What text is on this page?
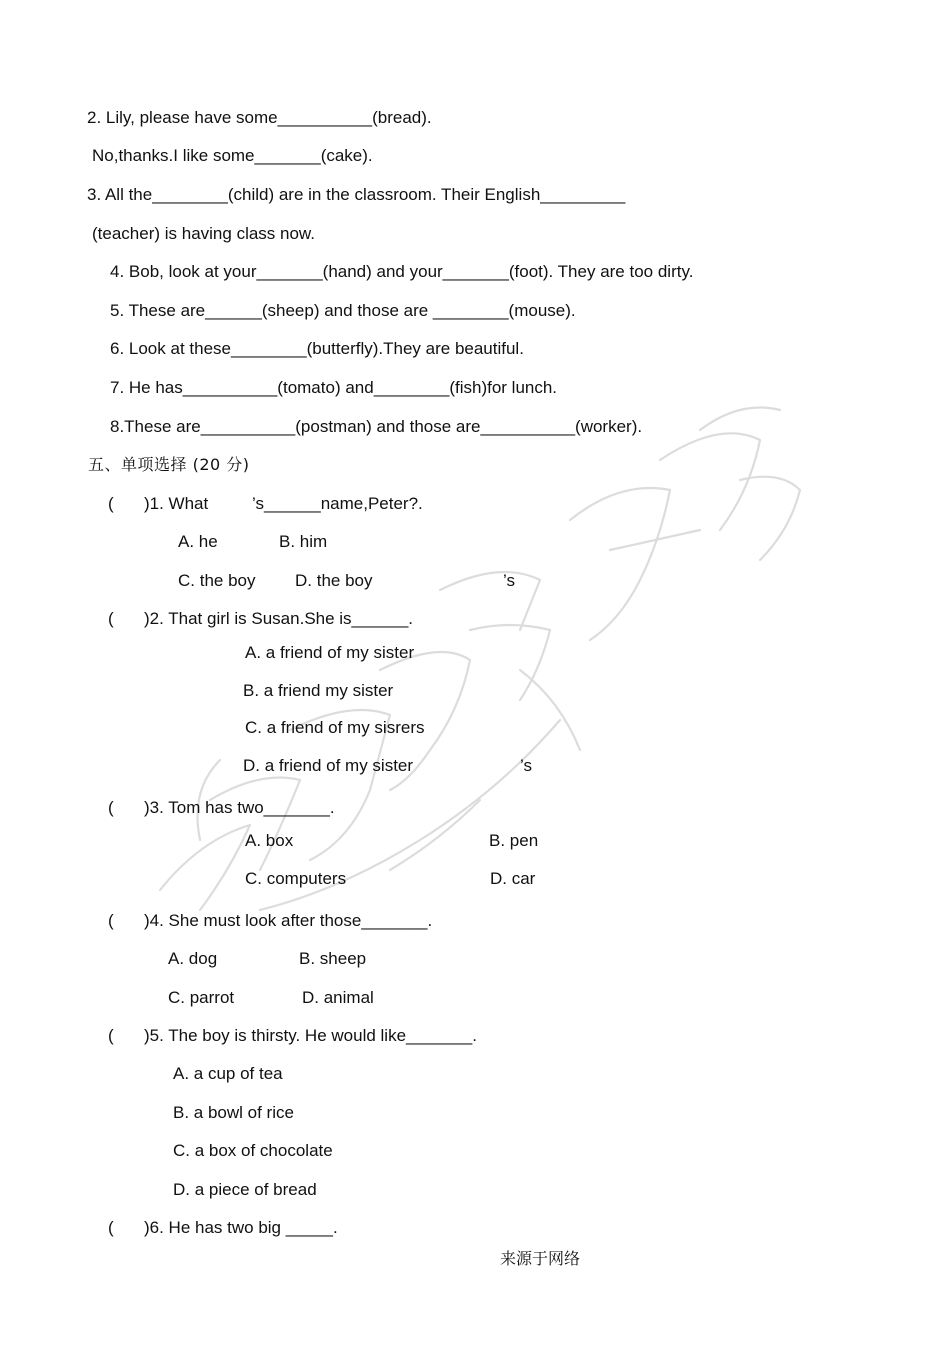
2. Lily, please have some__________(bread).
No,thanks.I like some_______(cake).
3. All the________(child) are in the classroom. Their English_________
(teacher) is having class now.
4. Bob, look at your_______(hand) and your_______(foot). They are too dirty.
5. These are______(sheep) and those are ________(mouse).
6. Look at these________(butterfly).They are beautiful.
7. He has__________(tomato) and________(fish)for lunch.
8.These are__________(postman) and those are__________(worker).
五、单项选择 (20 分)
( )1. What	’s______name,Peter?.
A. he	B. him
C. the boy D. the boy	’s
( )2. That girl is Susan.She is______.
A. a friend of my sister
B. a friend my sister
C. a friend of my sisrers
D. a friend of my sister	’s
( )3. Tom has two_______.
A. box	B. pen
C. computers	D. car
( )4. She must look after those_______.
A. dog	B. sheep
C. parrot	D. animal
( )5. The boy is thirsty. He would like_______.
A. a cup of tea
B. a bowl of rice
C. a box of chocolate
D. a piece of bread
( )6. He has two big _____.
来源于网络
